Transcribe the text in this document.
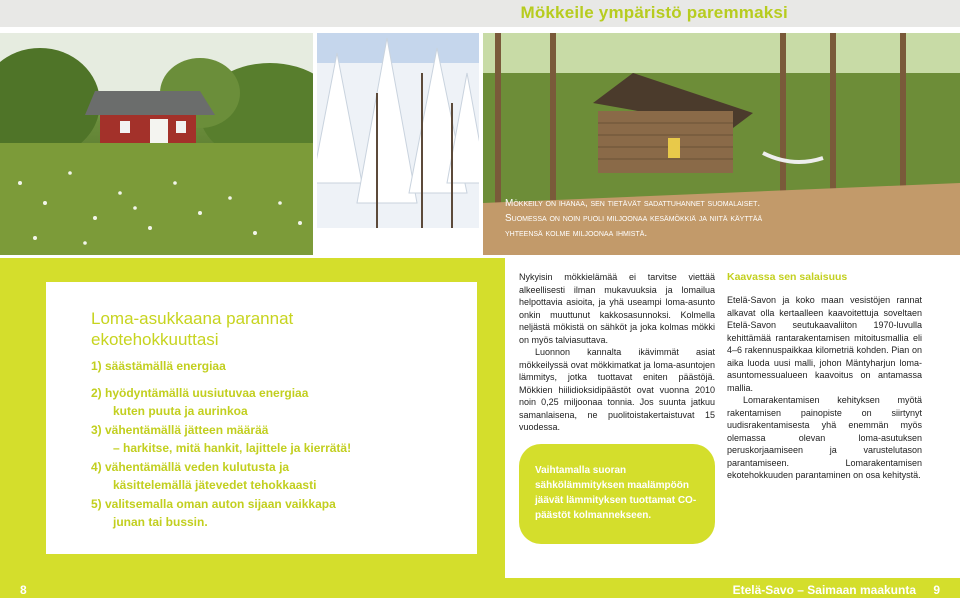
Mökkeile ympäristö paremmaksi
Mökkeily on ihanaa, sen tietävät sadattuhannet suomalaiset.
Suomessa on noin puoli miljoonaa kesämökkiä ja niitä käyttää
yhteensä kolme miljoonaa ihmistä.
Loma-asukkaana parannat
ekotehokkuuttasi
1) säästämällä energiaa
2) hyödyntämällä uusiutuvaa energiaa
kuten puuta ja aurinkoa
3) vähentämällä jätteen määrää
– harkitse, mitä hankit, lajittele ja kierrätä!
4) vähentämällä veden kulutusta ja
käsittelemällä jätevedet tehokkaasti
5) valitsemalla oman auton sijaan vaikkapa
junan tai bussin.

Nykyisin mökkielämää ei tarvitse viettää alkeellisesti ilman mukavuuksia ja lomailua helpottavia asioita, ja yhä useampi loma-asunto onkin muuttunut kakkosasunnoksi. Kolmella neljästä mökistä on sähköt ja joka kolmas mökki on myös talviasuttava.

Luonnon kannalta ikävimmät asiat mökkeilyssä ovat mökkimatkat ja loma-asuntojen lämmitys, jotka tuottavat eniten päästöjä. Mökkien hiilidioksidipäästöt ovat vuonna 2010 noin 0,25 miljoonaa tonnia. Jos suunta jatkuu samanlaisena, ne puolitoistakertaistuvat 15 vuodessa.

Vaihtamalla suoran sähkölämmityksen maalämpöön jäävät lämmityksen tuottamat CO-päästöt kolmannekseen.
Kaavassa sen salaisuus

Etelä-Savon ja koko maan vesistöjen rannat alkavat olla kertaalleen kaavoitettuja soveltaen Etelä-Savon seutukaavaliiton 1970-luvulla kehittämää rantarakentamisen mitoitusmallia eli 4–6 rakennuspaikkaa kilometriä kohden. Pian on aika luoda uusi malli, johon Mäntyharjun loma-asuntomessualueen kaavoitus on antamassa mallia.

Lomarakentamisen kehityksen myötä rakentamisen painopiste on siirtynyt uudisrakentamisesta yhä enemmän myös olemassa olevan loma-asutuksen peruskorjaamiseen ja varustelutason parantamiseen. Lomarakentamisen ekotehokkuuden parantaminen on osa kehitystä.

8	Etelä-Savo – Saimaan maakunta 9
